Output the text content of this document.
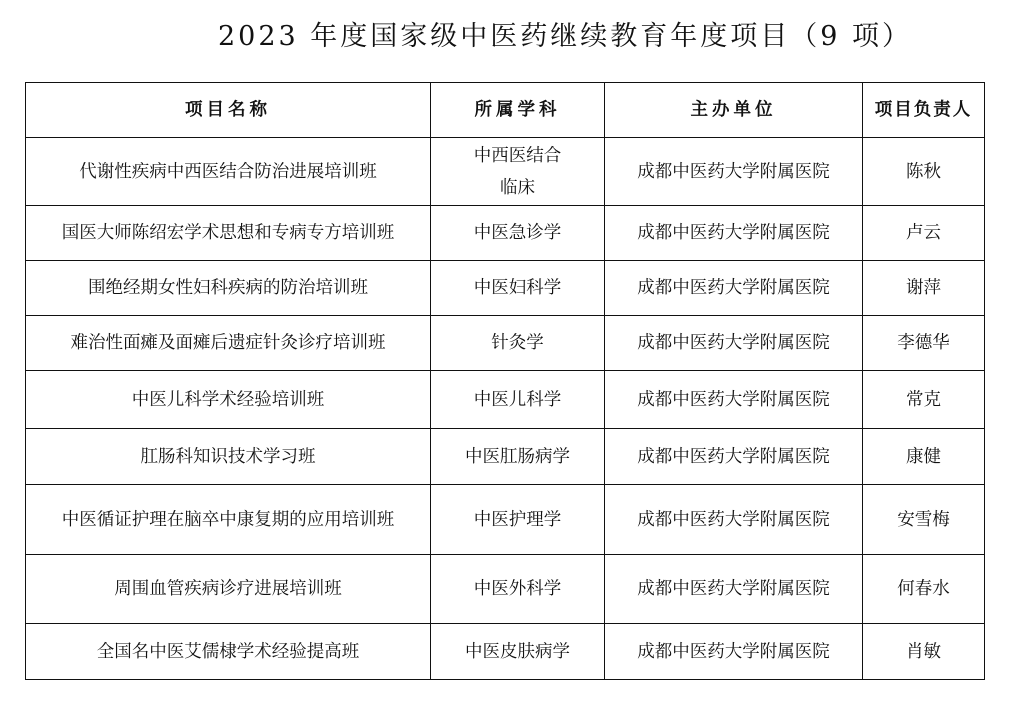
2023 年度国家级中医药继续教育年度项目（9 项）
项目名称	所属学科	主办单位	项目负责人
代谢性疾病中西医结合防治进展培训班	中西医结合临床	成都中医药大学附属医院	陈秋
国医大师陈绍宏学术思想和专病专方培训班	中医急诊学	成都中医药大学附属医院	卢云
围绝经期女性妇科疾病的防治培训班	中医妇科学	成都中医药大学附属医院	谢萍
难治性面瘫及面瘫后遗症针灸诊疗培训班	针灸学	成都中医药大学附属医院	李德华
中医儿科学术经验培训班	中医儿科学	成都中医药大学附属医院	常克
肛肠科知识技术学习班	中医肛肠病学	成都中医药大学附属医院	康健
中医循证护理在脑卒中康复期的应用培训班	中医护理学	成都中医药大学附属医院	安雪梅
周围血管疾病诊疗进展培训班	中医外科学	成都中医药大学附属医院	何春水
全国名中医艾儒棣学术经验提高班	中医皮肤病学	成都中医药大学附属医院	肖敏
